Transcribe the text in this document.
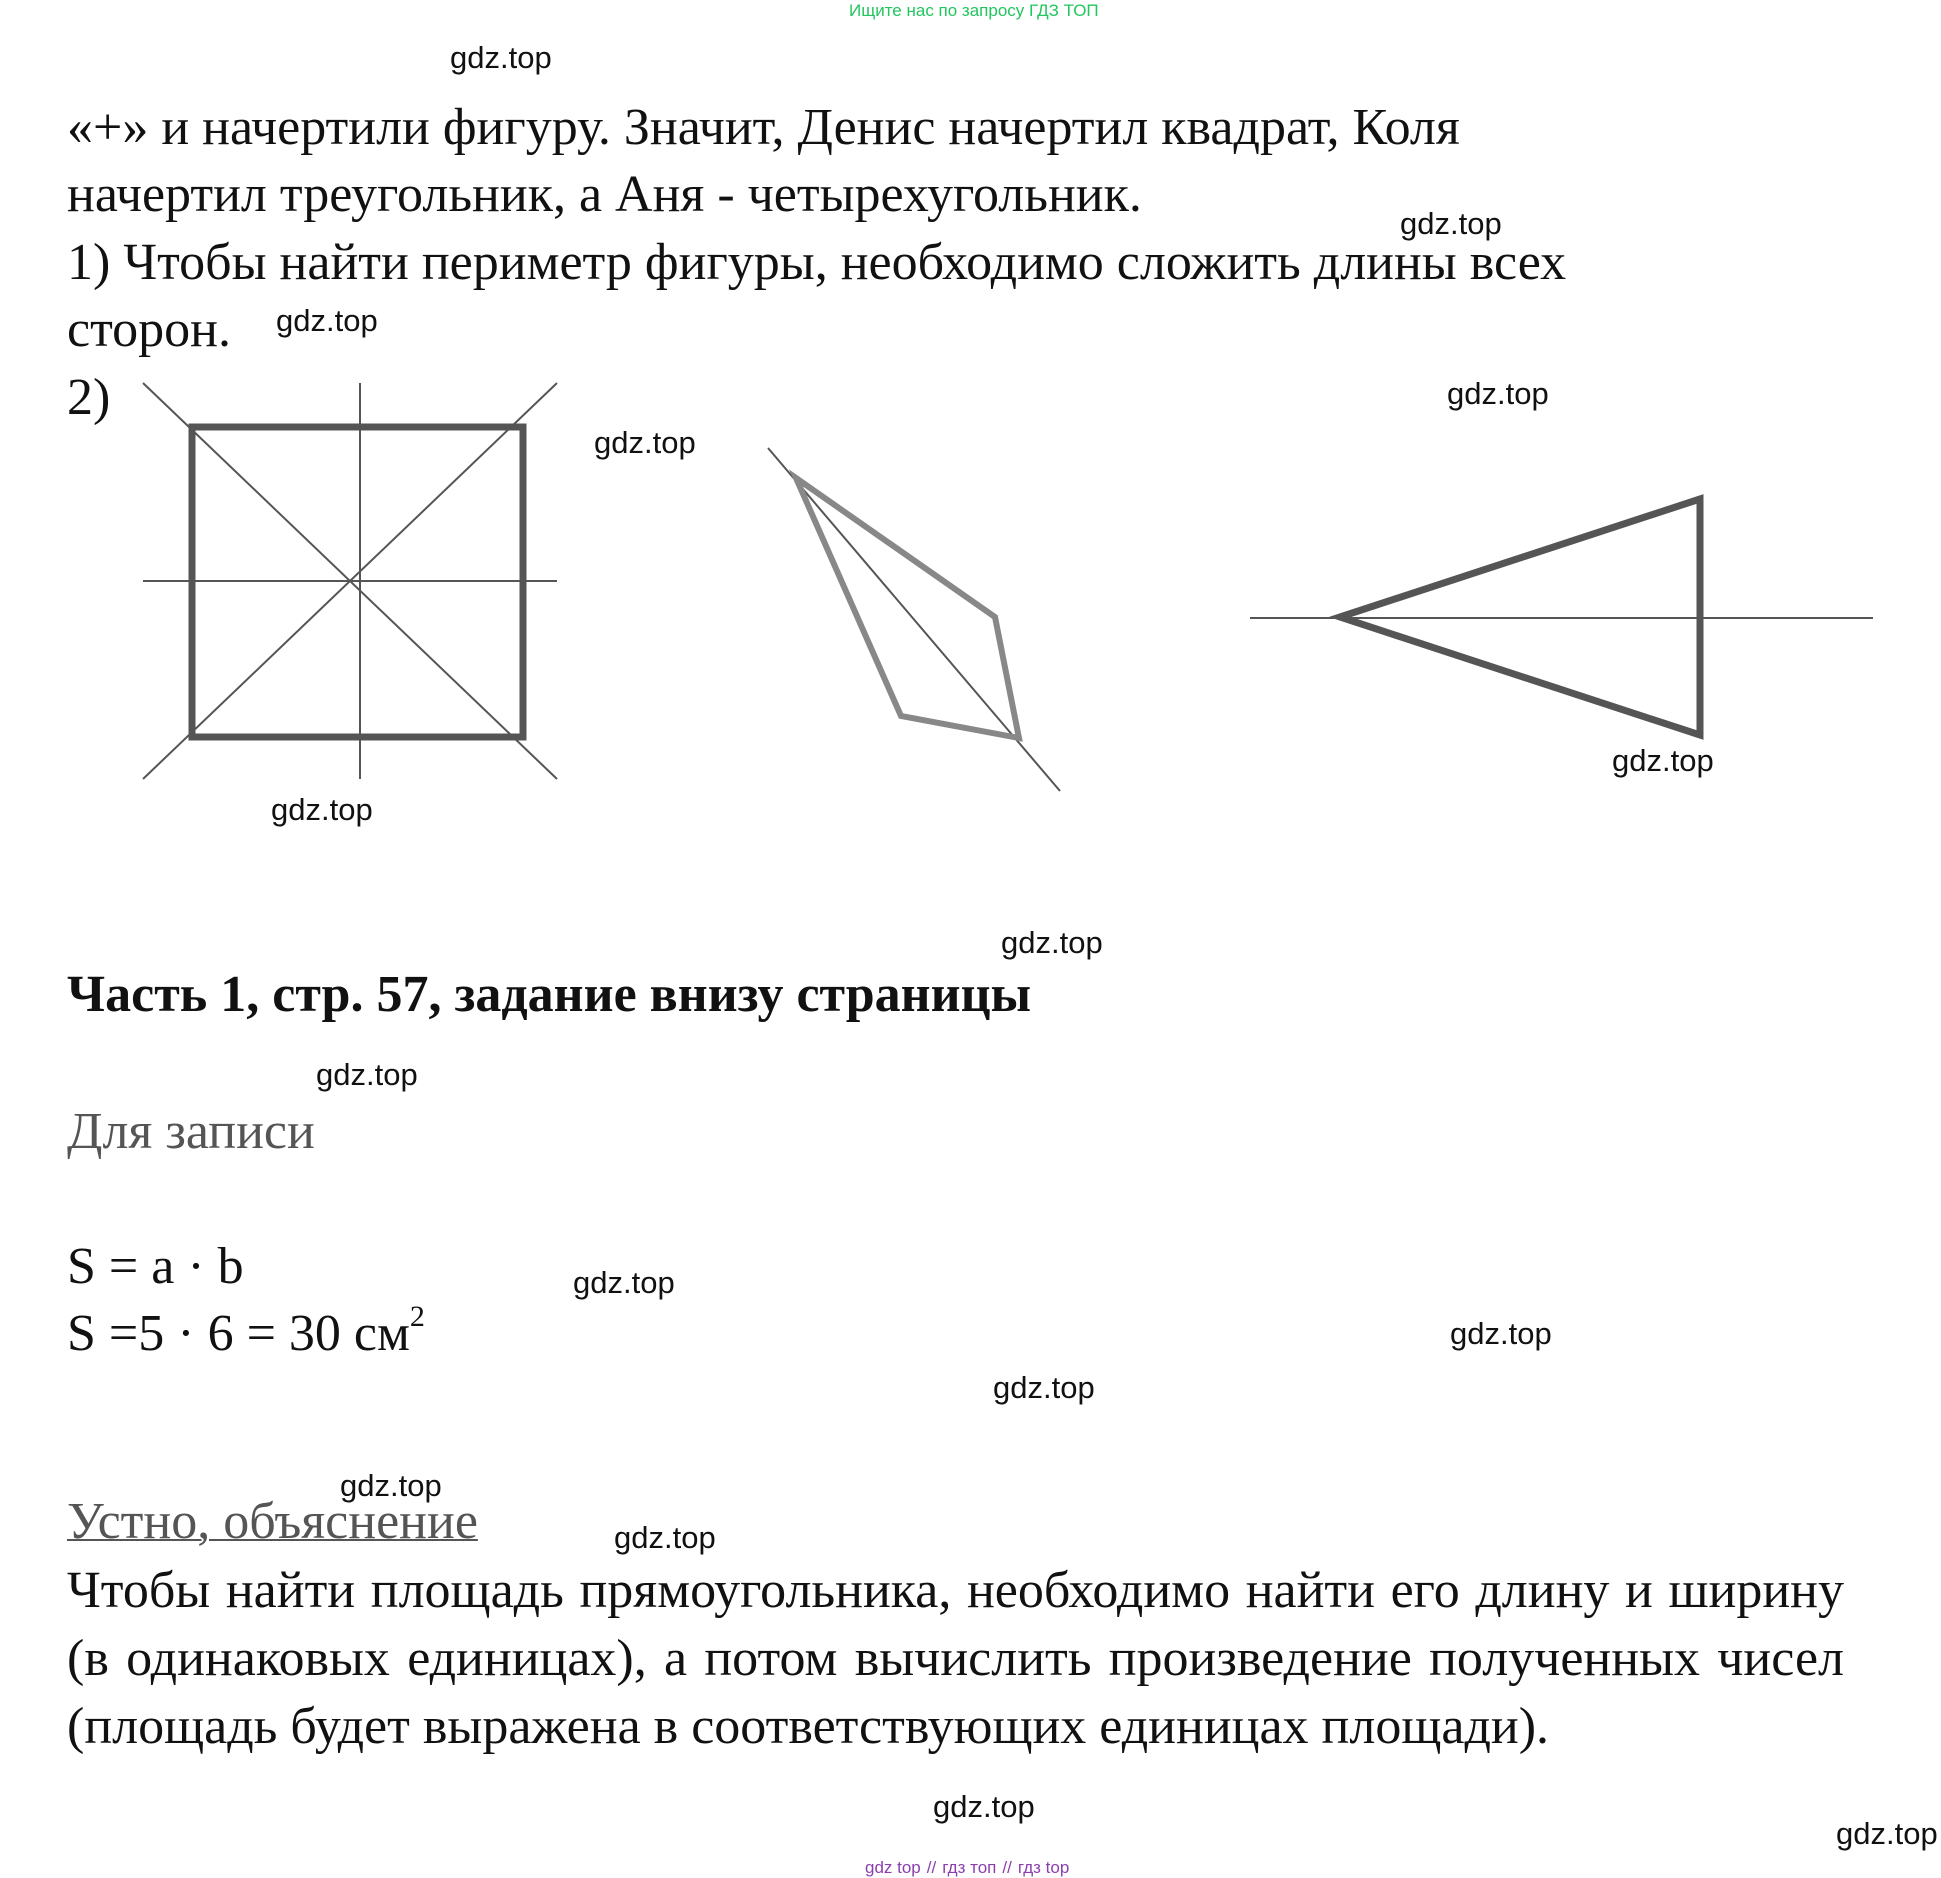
Ищите нас по запросу ГДЗ ТОП
gdz.top
gdz.top
gdz.top
gdz.top
gdz.top
gdz.top
gdz.top
gdz.top
gdz.top
gdz.top
gdz.top
gdz.top
gdz.top
gdz.top
gdz.top
gdz.top
«+» и начертили фигуру. Значит, Денис начертил квадрат, Коля
начертил треугольник, а Аня - четырехугольник.
1) Чтобы найти периметр фигуры, необходимо сложить длины всех
сторон.
2)
Часть 1, стр. 57, задание внизу страницы
Для записи
S = a · b
S =5 · 6 = 30 $см^2$
Устно, объяснение
Чтобы найти площадь прямоугольника, необходимо найти его длину и ширину (в одинаковых единицах), а потом вычислить произведение полученных чисел (площадь будет выражена в соответствующих единицах площади).
gdz top // гдз топ // гдз top
